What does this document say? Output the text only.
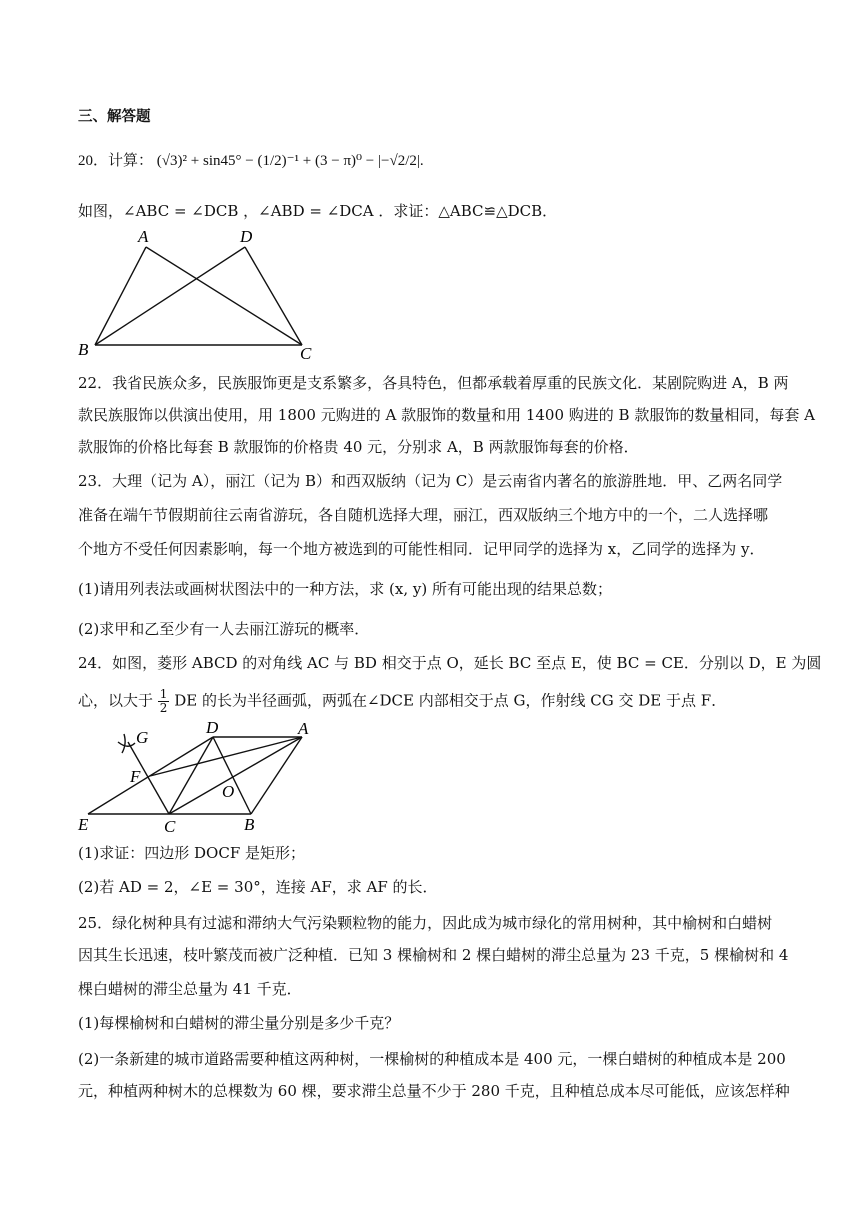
三、解答题
20．计算： (√3)² + sin45° − (1/2)⁻¹ + (3 − π)⁰ − |−√2/2|.
如图，∠ABC = ∠DCB ，∠ABD = ∠DCA ．求证：△ABC≌△DCB．
A	D
B	C
22．我省民族众多，民族服饰更是支系繁多，各具特色，但都承载着厚重的民族文化．某剧院购进 A，B 两
款民族服饰以供演出使用，用 1800 元购进的 A 款服饰的数量和用 1400 购进的 B 款服饰的数量相同，每套 A
款服饰的价格比每套 B 款服饰的价格贵 40 元，分别求 A，B 两款服饰每套的价格．
23．大理（记为 A），丽江（记为 B）和西双版纳（记为 C）是云南省内著名的旅游胜地．甲、乙两名同学
准备在端午节假期前往云南省游玩，各自随机选择大理，丽江，西双版纳三个地方中的一个，二人选择哪
个地方不受任何因素影响，每一个地方被选到的可能性相同．记甲同学的选择为 x，乙同学的选择为 y．
(1)请用列表法或画树状图法中的一种方法，求 (x, y) 所有可能出现的结果总数；
(2)求甲和乙至少有一人去丽江游玩的概率．
24．如图，菱形 ABCD 的对角线 AC 与 BD 相交于点 O，延长 BC 至点 E，使 BC = CE．分别以 D，E 为圆
心，以大于 $\frac{1}{2}$ DE 的长为半径画弧，两弧在∠DCE 内部相交于点 G，作射线 CG 交 DE 于点 F．
G
D	A
F
O
E	C	B
(1)求证：四边形 DOCF 是矩形；
(2)若 AD = 2，∠E = 30°，连接 AF，求 AF 的长．
25．绿化树种具有过滤和滞纳大气污染颗粒物的能力，因此成为城市绿化的常用树种，其中榆树和白蜡树
因其生长迅速，枝叶繁茂而被广泛种植．已知 3 棵榆树和 2 棵白蜡树的滞尘总量为 23 千克，5 棵榆树和 4
棵白蜡树的滞尘总量为 41 千克．
(1)每棵榆树和白蜡树的滞尘量分别是多少千克？
(2)一条新建的城市道路需要种植这两种树，一棵榆树的种植成本是 400 元，一棵白蜡树的种植成本是 200
元，种植两种树木的总棵数为 60 棵，要求滞尘总量不少于 280 千克，且种植总成本尽可能低，应该怎样种
